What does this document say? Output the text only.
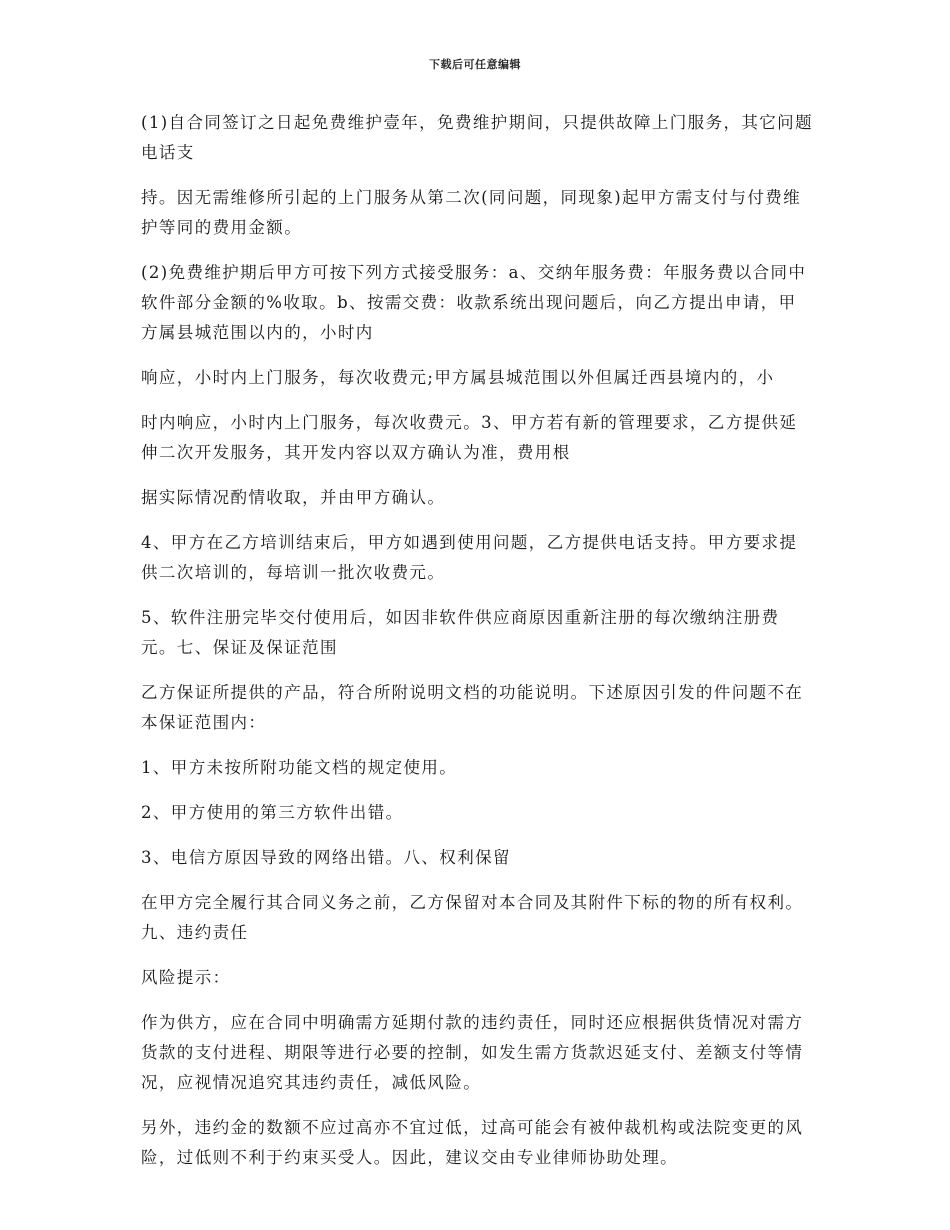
下载后可任意编辑

(1)自合同签订之日起免费维护壹年，免费维护期间，只提供故障上门服务，其它问题电话支

持。因无需维修所引起的上门服务从第二次(同问题，同现象)起甲方需支付与付费维护等同的费用金额。

(2)免费维护期后甲方可按下列方式接受服务：a、交纳年服务费：年服务费以合同中软件部分金额的%收取。b、按需交费：收款系统出现问题后，向乙方提出申请，甲方属县城范围以内的，小时内

响应，小时内上门服务，每次收费元;甲方属县城范围以外但属迁西县境内的，小

时内响应，小时内上门服务，每次收费元。3、甲方若有新的管理要求，乙方提供延伸二次开发服务，其开发内容以双方确认为准，费用根

据实际情况酌情收取，并由甲方确认。

4、甲方在乙方培训结束后，甲方如遇到使用问题，乙方提供电话支持。甲方要求提供二次培训的，每培训一批次收费元。

5、软件注册完毕交付使用后，如因非软件供应商原因重新注册的每次缴纳注册费元。七、保证及保证范围

乙方保证所提供的产品，符合所附说明文档的功能说明。下述原因引发的件问题不在本保证范围内：

1、甲方未按所附功能文档的规定使用。

2、甲方使用的第三方软件出错。

3、电信方原因导致的网络出错。八、权利保留

在甲方完全履行其合同义务之前，乙方保留对本合同及其附件下标的物的所有权利。九、违约责任

风险提示：

作为供方，应在合同中明确需方延期付款的违约责任，同时还应根据供货情况对需方货款的支付进程、期限等进行必要的控制，如发生需方货款迟延支付、差额支付等情况，应视情况追究其违约责任，减低风险。

另外，违约金的数额不应过高亦不宜过低，过高可能会有被仲裁机构或法院变更的风险，过低则不利于约束买受人。因此，建议交由专业律师协助处理。
